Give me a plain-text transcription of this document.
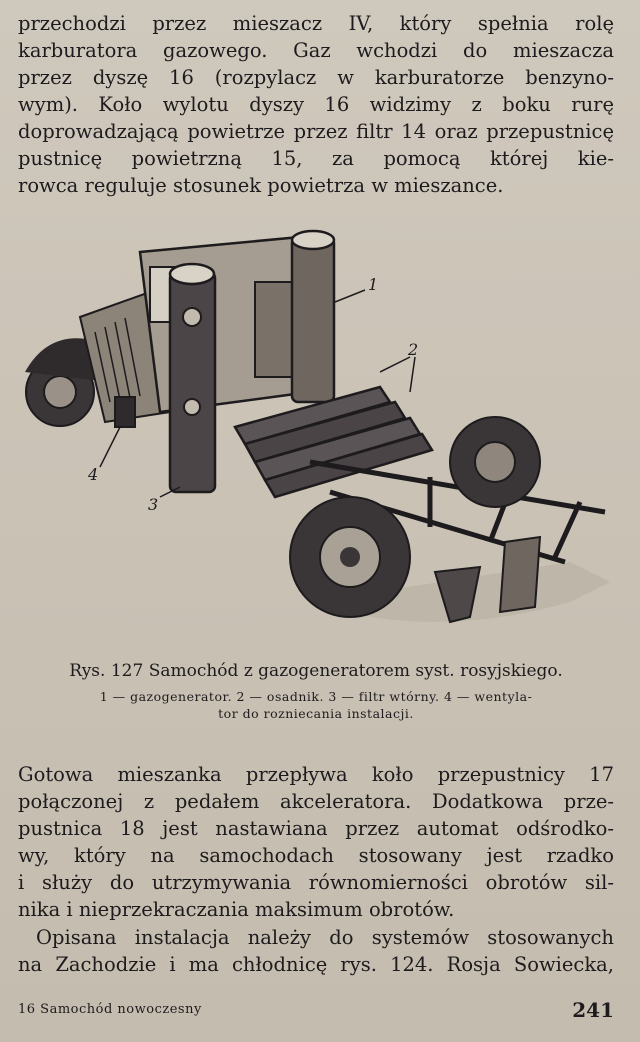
przechodzi przez mieszacz IV, który spełnia rolę
karburatora gazowego. Gaz wchodzi do mieszacza
przez dyszę 16 (rozpylacz w karburatorze benzyno-
wym). Koło wylotu dyszy 16 widzimy z boku rurę
doprowadzającą powietrze przez filtr 14 oraz przepustnicę
pustnicę powietrzną 15, za pomocą której kie-
rowca reguluje stosunek powietrza w mieszance.
1
2
3
4

Rys. 127 Samochód z gazogeneratorem syst. rosyjskiego.

1 — gazogenerator. 2 — osadnik. 3 — filtr wtórny. 4 — wentyla-
tor do rozniecania instalacji.

Gotowa mieszanka przepływa koło przepustnicy 17
połączonej z pedałem akceleratora. Dodatkowa prze-
pustnica 18 jest nastawiana przez automat odśrodko-
wy, który na samochodach stosowany jest rzadko
i służy do utrzymywania równomierności obrotów sil-
nika i nieprzekraczania maksimum obrotów.
Opisana instalacja należy do systemów stosowanych
na Zachodzie i ma chłodnicę rys. 124. Rosja Sowiecka,
16 Samochód nowoczesny	241
